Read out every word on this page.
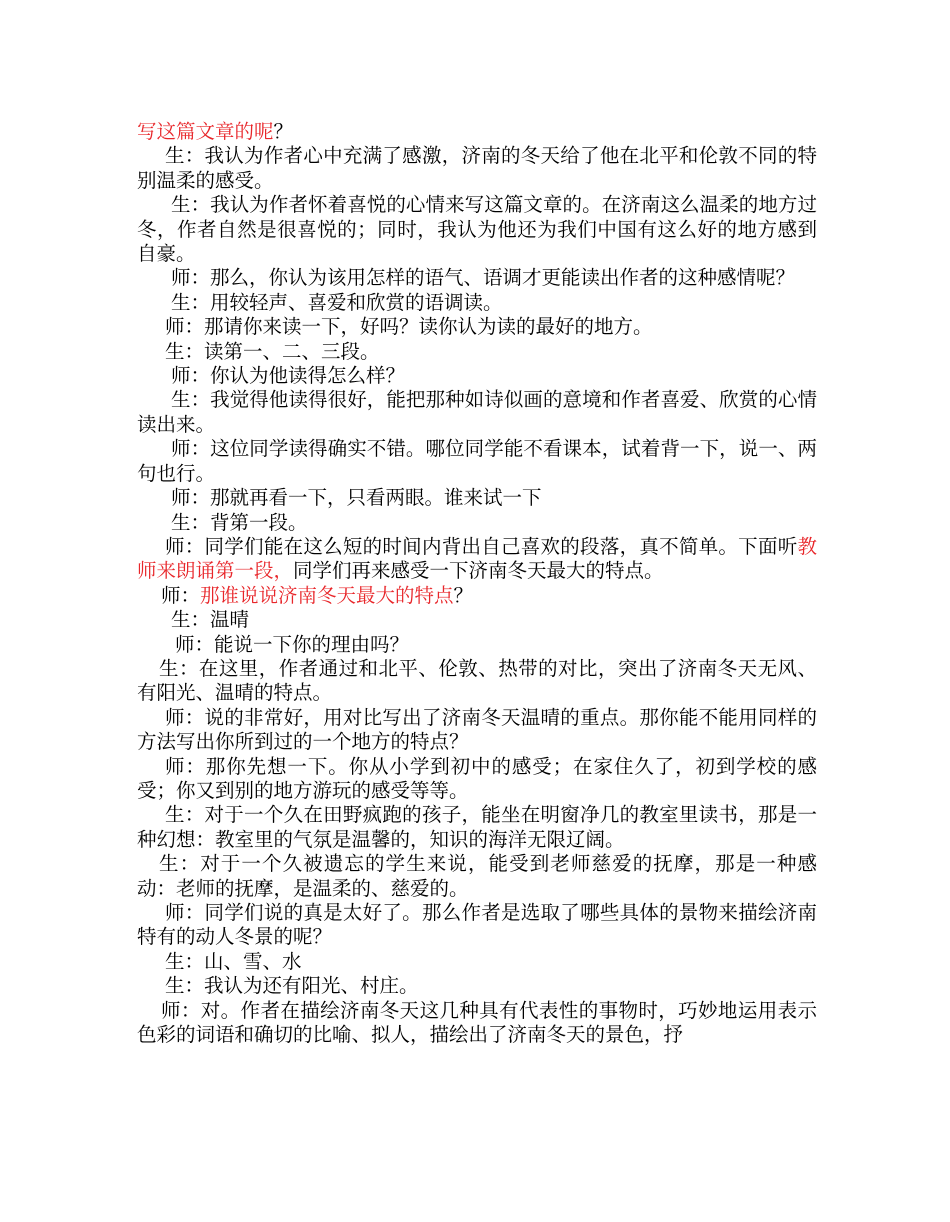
写这篇文章的呢？

生：我认为作者心中充满了感激，济南的冬天给了他在北平和伦敦不同的特别温柔的感受。

生：我认为作者怀着喜悦的心情来写这篇文章的。在济南这么温柔的地方过冬，作者自然是很喜悦的；同时，我认为他还为我们中国有这么好的地方感到自豪。

师：那么，你认为该用怎样的语气、语调才更能读出作者的这种感情呢？

生：用较轻声、喜爱和欣赏的语调读。

师：那请你来读一下，好吗？读你认为读的最好的地方。

生：读第一、二、三段。

师：你认为他读得怎么样？

生：我觉得他读得很好，能把那种如诗似画的意境和作者喜爱、欣赏的心情读出来。

师：这位同学读得确实不错。哪位同学能不看课本，试着背一下，说一、两句也行。

师：那就再看一下，只看两眼。谁来试一下

生：背第一段。

师：同学们能在这么短的时间内背出自己喜欢的段落，真不简单。下面听教师来朗诵第一段，同学们再来感受一下济南冬天最大的特点。

师：那谁说说济南冬天最大的特点？

生：温晴

师：能说一下你的理由吗？

生：在这里，作者通过和北平、伦敦、热带的对比，突出了济南冬天无风、有阳光、温晴的特点。

师：说的非常好，用对比写出了济南冬天温晴的重点。那你能不能用同样的方法写出你所到过的一个地方的特点？

师：那你先想一下。你从小学到初中的感受；在家住久了，初到学校的感受；你又到别的地方游玩的感受等等。

生：对于一个久在田野疯跑的孩子，能坐在明窗净几的教室里读书，那是一种幻想：教室里的气氛是温馨的，知识的海洋无限辽阔。

生：对于一个久被遗忘的学生来说，能受到老师慈爱的抚摩，那是一种感动：老师的抚摩，是温柔的、慈爱的。

师：同学们说的真是太好了。那么作者是选取了哪些具体的景物来描绘济南特有的动人冬景的呢？

生：山、雪、水

生：我认为还有阳光、村庄。

师：对。作者在描绘济南冬天这几种具有代表性的事物时，巧妙地运用表示色彩的词语和确切的比喻、拟人，描绘出了济南冬天的景色，抒
